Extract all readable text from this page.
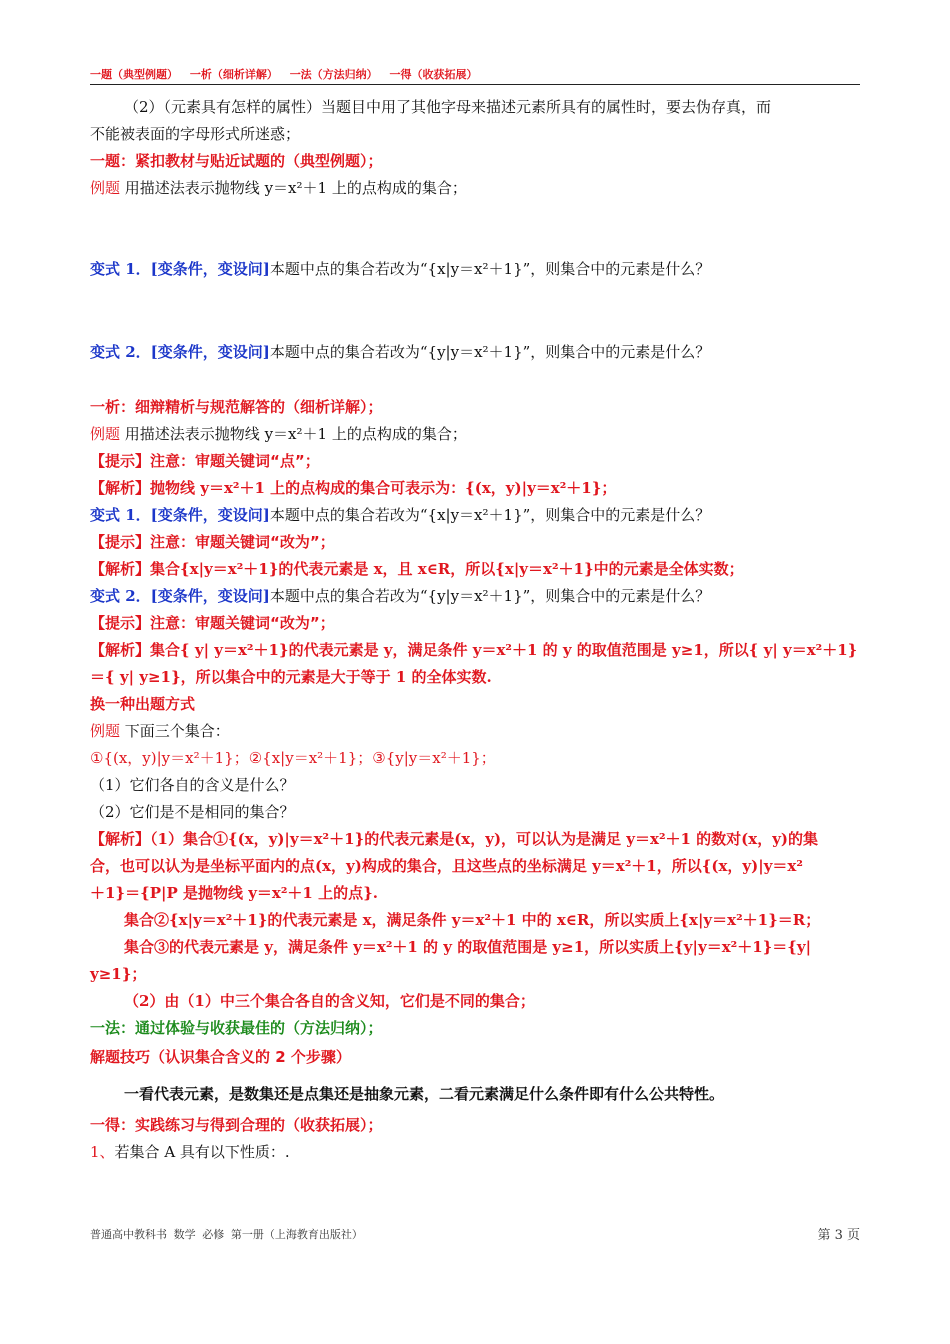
一题（典型例题） 一析（细析详解） 一法（方法归纳） 一得（收获拓展）

（2）（元素具有怎样的属性）当题目中用了其他字母来描述元素所具有的属性时，要去伪存真，而

不能被表面的字母形式所迷惑；

一题：紧扣教材与贴近试题的（典型例题）；

例题 用描述法表示抛物线 y＝x²＋1 上的点构成的集合；

变式 1．[变条件，变设问]本题中点的集合若改为“{x|y＝x²＋1}”，则集合中的元素是什么？

变式 2．[变条件，变设问]本题中点的集合若改为“{y|y＝x²＋1}”，则集合中的元素是什么？

一析：细辩精析与规范解答的（细析详解）；

例题 用描述法表示抛物线 y＝x²＋1 上的点构成的集合；

【提示】注意：审题关键词“点”；

【解析】抛物线 y＝x²＋1 上的点构成的集合可表示为：{(x，y)|y＝x²＋1}；

变式 1．[变条件，变设问]本题中点的集合若改为“{x|y＝x²＋1}”，则集合中的元素是什么？

【提示】注意：审题关键词“改为”；

【解析】集合{x|y＝x²＋1}的代表元素是 x，且 x∈R，所以{x|y＝x²＋1}中的元素是全体实数；

变式 2．[变条件，变设问]本题中点的集合若改为“{y|y＝x²＋1}”，则集合中的元素是什么？

【提示】注意：审题关键词“改为”；

【解析】集合{ y| y＝x²＋1}的代表元素是 y，满足条件 y＝x²＋1 的 y 的取值范围是 y≥1，所以{ y| y＝x²＋1}

＝{ y| y≥1}，所以集合中的元素是大于等于 1 的全体实数.

换一种出题方式

例题 下面三个集合：

①{(x，y)|y＝x²＋1}；②{x|y＝x²＋1}；③{y|y＝x²＋1}；

（1）它们各自的含义是什么？

（2）它们是不是相同的集合？

【解析】（1）集合①{(x，y)|y＝x²＋1}的代表元素是(x，y)，可以认为是满足 y＝x²＋1 的数对(x，y)的集

合，也可以认为是坐标平面内的点(x，y)构成的集合，且这些点的坐标满足 y＝x²＋1，所以{(x，y)|y＝x²

＋1}＝{P|P 是抛物线 y＝x²＋1 上的点}.

集合②{x|y＝x²＋1}的代表元素是 x，满足条件 y＝x²＋1 中的 x∈R，所以实质上{x|y＝x²＋1}＝R；

集合③的代表元素是 y，满足条件 y＝x²＋1 的 y 的取值范围是 y≥1，所以实质上{y|y＝x²＋1}＝{y|

y≥1}；

（2）由（1）中三个集合各自的含义知，它们是不同的集合；

一法：通过体验与收获最佳的（方法归纳）；

解题技巧（认识集合含义的 2 个步骤）

一看代表元素，是数集还是点集还是抽象元素，二看元素满足什么条件即有什么公共特性。

一得：实践练习与得到合理的（收获拓展）；

1、若集合 A 具有以下性质：.

普通高中教科书 数学 必修 第一册（上海教育出版社）	第 3 页
